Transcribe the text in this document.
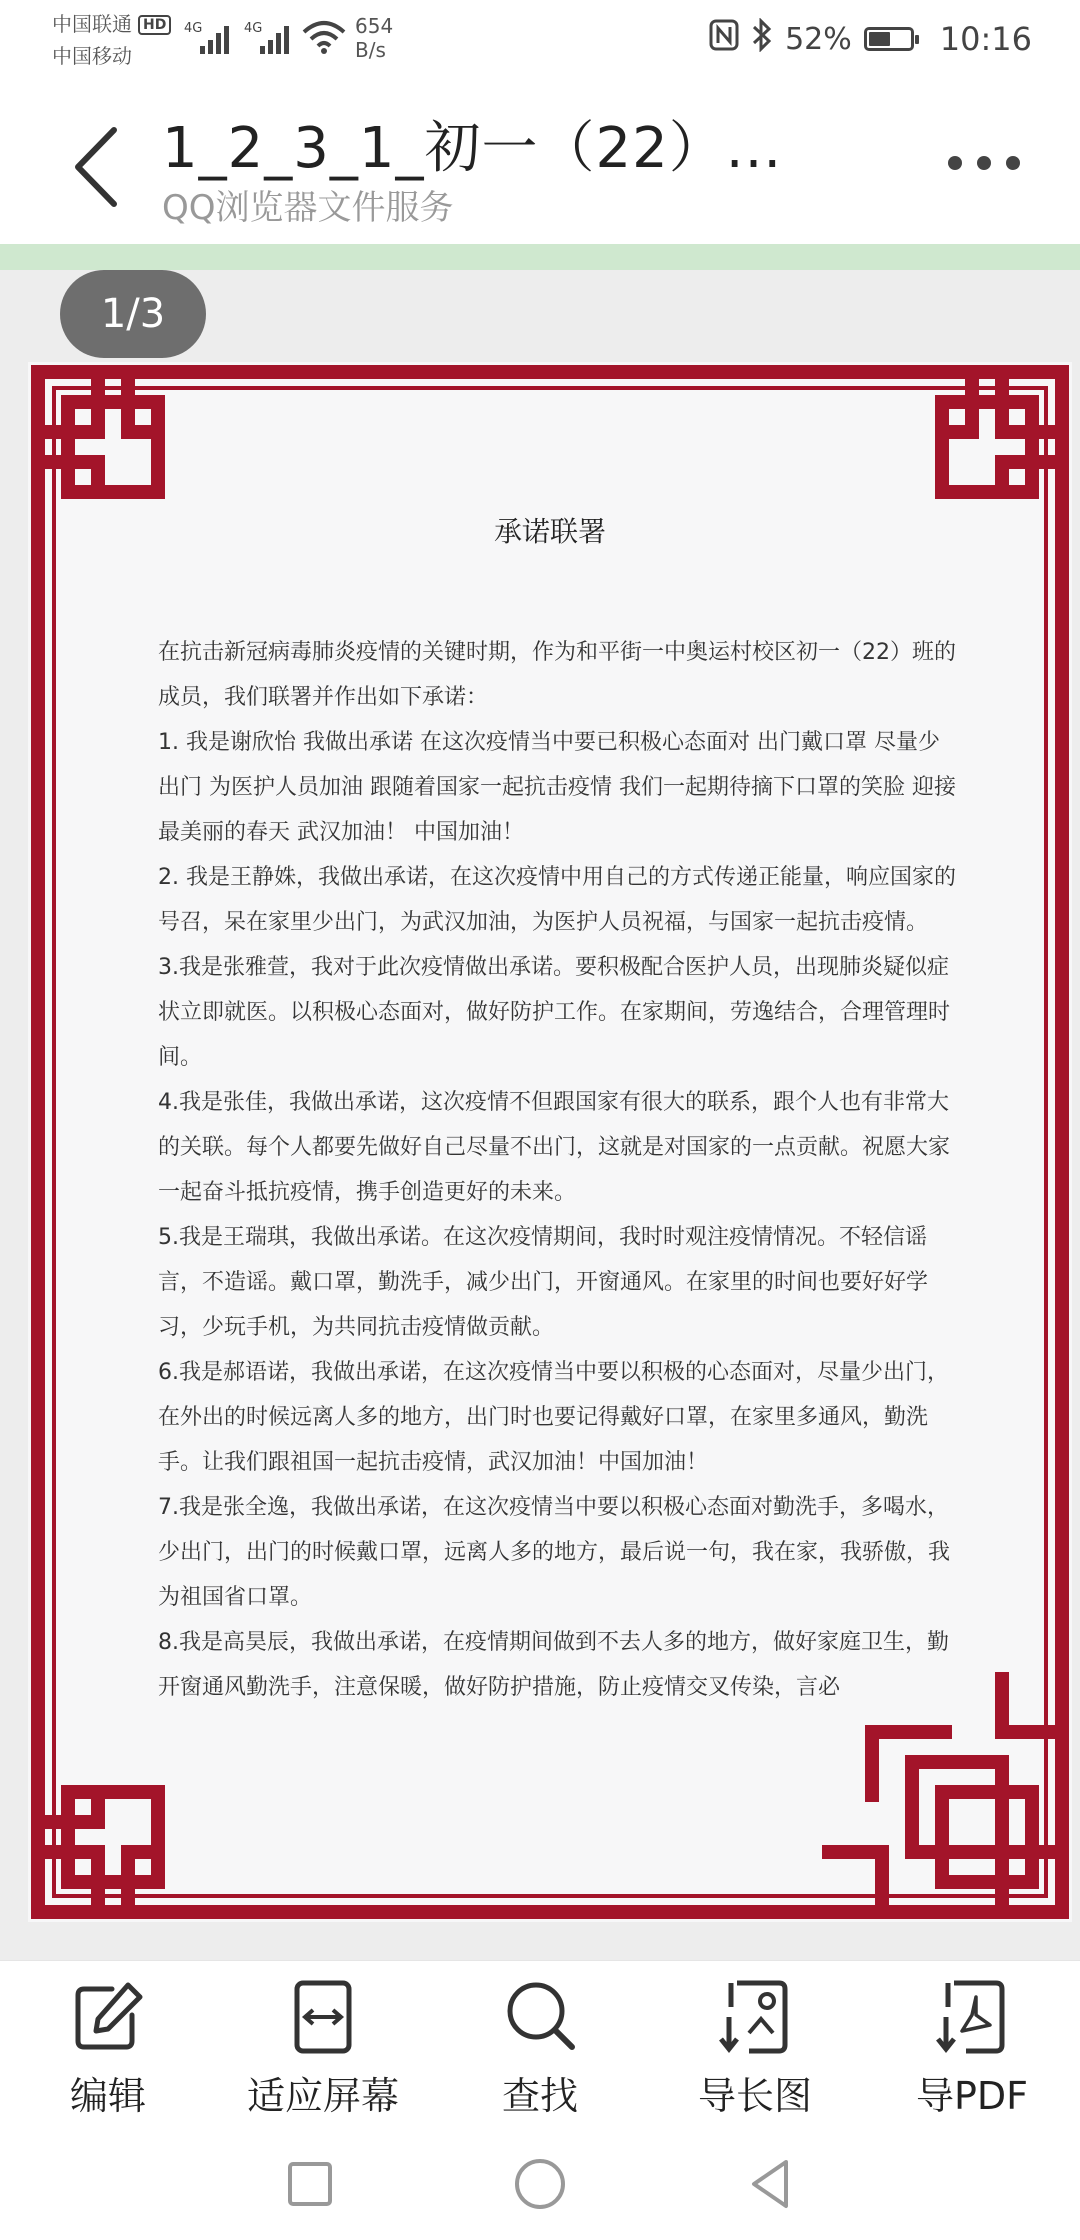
中国联通 HD
中国移动
4G	4G	654
B/s	52%	10:16
1_2_3_1_初一（22）...
QQ浏览器文件服务
1/3
承诺联署

在抗击新冠病毒肺炎疫情的关键时期，作为和平街一中奥运村校区初一（22）班的成员，我们联署并作出如下承诺：

1. 我是谢欣怡 我做出承诺 在这次疫情当中要已积极心态面对 出门戴口罩 尽量少出门 为医护人员加油 跟随着国家一起抗击疫情 我们一起期待摘下口罩的笑脸 迎接最美丽的春天 武汉加油！ 中国加油！

2. 我是王静姝，我做出承诺，在这次疫情中用自己的方式传递正能量，响应国家的号召，呆在家里少出门，为武汉加油，为医护人员祝福，与国家一起抗击疫情。

3.我是张雅萱，我对于此次疫情做出承诺。要积极配合医护人员，出现肺炎疑似症状立即就医。以积极心态面对，做好防护工作。在家期间，劳逸结合，合理管理时间。

4.我是张佳，我做出承诺，这次疫情不但跟国家有很大的联系，跟个人也有非常大的关联。每个人都要先做好自己尽量不出门，这就是对国家的一点贡献。祝愿大家一起奋斗抵抗疫情，携手创造更好的未来。

5.我是王瑞琪，我做出承诺。在这次疫情期间，我时时观注疫情情况。不轻信谣言，不造谣。戴口罩，勤洗手，减少出门，开窗通风。在家里的时间也要好好学习，少玩手机，为共同抗击疫情做贡献。

6.我是郝语诺，我做出承诺，在这次疫情当中要以积极的心态面对，尽量少出门，在外出的时候远离人多的地方，出门时也要记得戴好口罩，在家里多通风，勤洗手。让我们跟祖国一起抗击疫情，武汉加油！中国加油！

7.我是张全逸，我做出承诺，在这次疫情当中要以积极心态面对勤洗手，多喝水，少出门，出门的时候戴口罩，远离人多的地方，最后说一句，我在家，我骄傲，我为祖国省口罩。

8.我是高昊辰，我做出承诺，在疫情期间做到不去人多的地方，做好家庭卫生，勤开窗通风勤洗手，注意保暖，做好防护措施，防止疫情交叉传染，言必

编辑	适应屏幕	查找	导长图	导PDF
